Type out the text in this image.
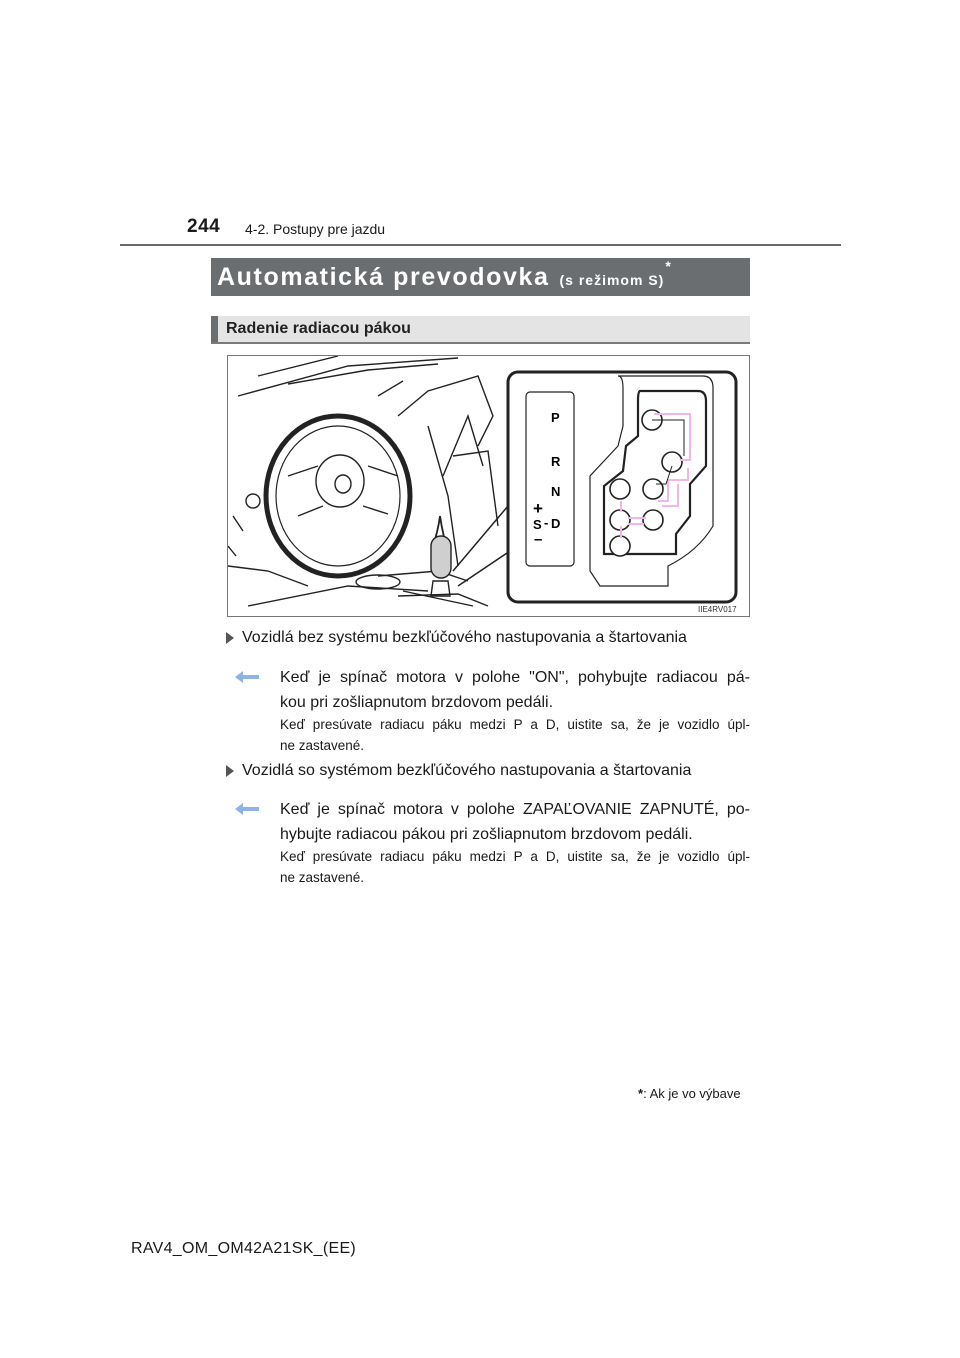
244 4-2. Postupy pre jazdu
Automatická prevodovka (s režimom S)
*
Radenie radiacou pákou
P
R
N
D
S -
+
–
IIE4RV017
Vozidlá bez systému bezkľúčového nastupovania a štartovania
Keď je spínač motora v polohe "ON", pohybujte radiacou pá-
kou pri zošliapnutom brzdovom pedáli.
Keď presúvate radiacu páku medzi P a D, uistite sa, že je vozidlo úpl-
ne zastavené.
Vozidlá so systémom bezkľúčového nastupovania a štartovania
Keď je spínač motora v polohe ZAPAĽOVANIE ZAPNUTÉ, po-
hybujte radiacou pákou pri zošliapnutom brzdovom pedáli.
Keď presúvate radiacu páku medzi P a D, uistite sa, že je vozidlo úpl-
ne zastavené.
*: Ak je vo výbave
RAV4_OM_OM42A21SK_(EE)
